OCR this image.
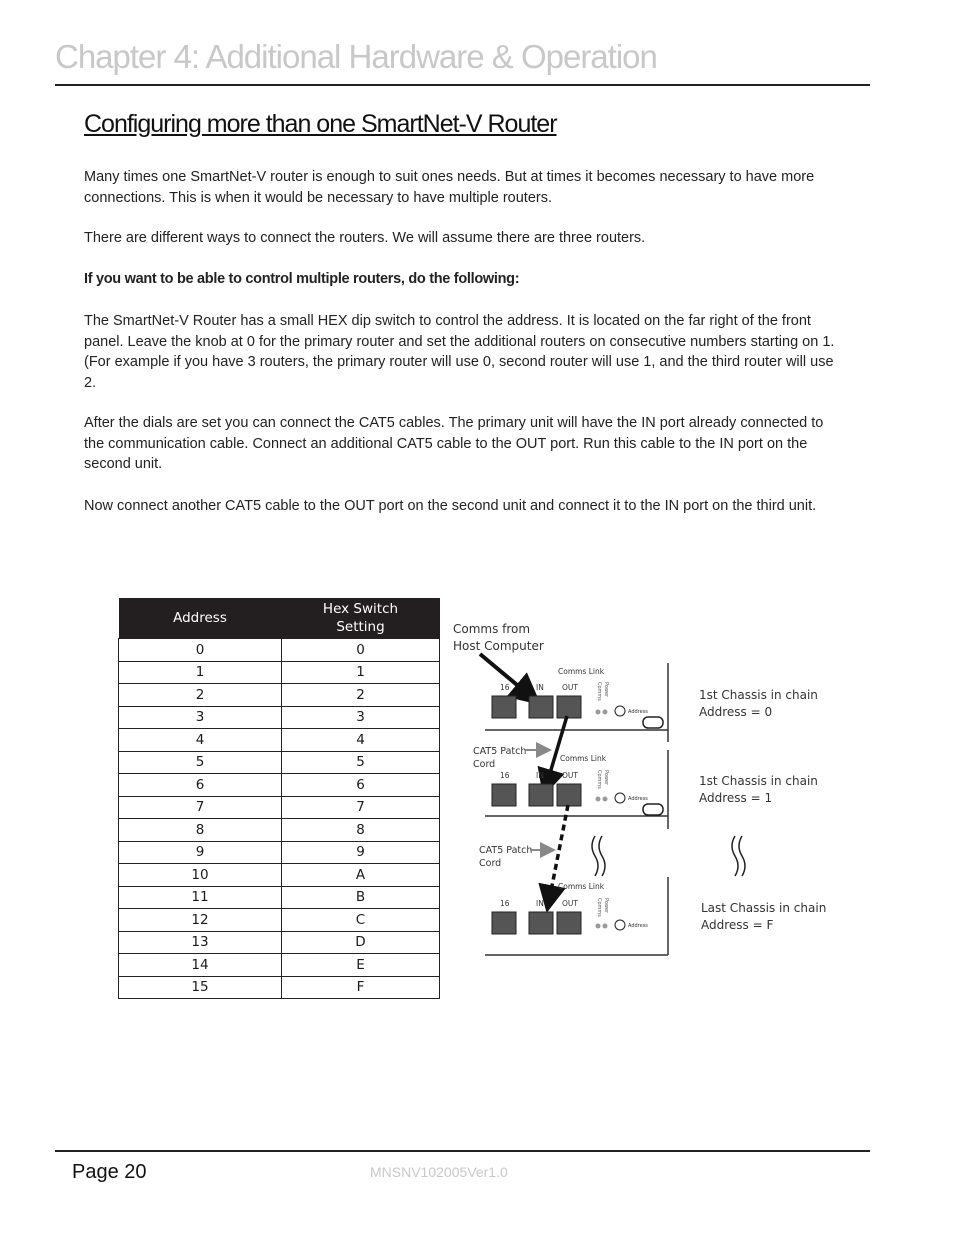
Chapter 4: Additional Hardware & Operation
Configuring more than one SmartNet-V Router
Many times one SmartNet-V router is enough to suit ones needs. But at times it becomes necessary to have more connections. This is when it would be necessary to have multiple routers.
There are different ways to connect the routers. We will assume there are three routers.
If you want to be able to control multiple routers, do the following:
The SmartNet-V Router has a small HEX dip switch to control the address. It is located on the far right of the front panel. Leave the knob at 0 for the primary router and set the additional routers on consecutive numbers starting on 1. (For example if you have 3 routers, the primary router will use 0, second router will use 1, and the third router will use 2.
After the dials are set you can connect the CAT5 cables. The primary unit will have the IN port already connected to the communication cable. Connect an additional CAT5 cable to the OUT port. Run this cable to the IN port on the second unit.
Now connect another CAT5 cable to the OUT port on the second unit and connect it to the IN port on the third unit.
Address	Hex Switch
Setting
0	0
1	1
2	2
3	3
4	4
5	5
6	6
7	7
8	8
9	9
10	A
11	B
12	C
13	D
14	E
15	F
Comms from
Host Computer
Comms Link
16	IN OUT	Comms Power
Address
1st Chassis in chain
Address = 0
CAT5 Patch
Cord
Comms Link
16	IN OUT	Comms Power
Address
1st Chassis in chain
Address = 1
CAT5 Patch
Cord
Comms Link
16	IN OUT	Comms Power
Address
Last Chassis in chain
Address = F
Page 20	MNSNV102005Ver1.0
